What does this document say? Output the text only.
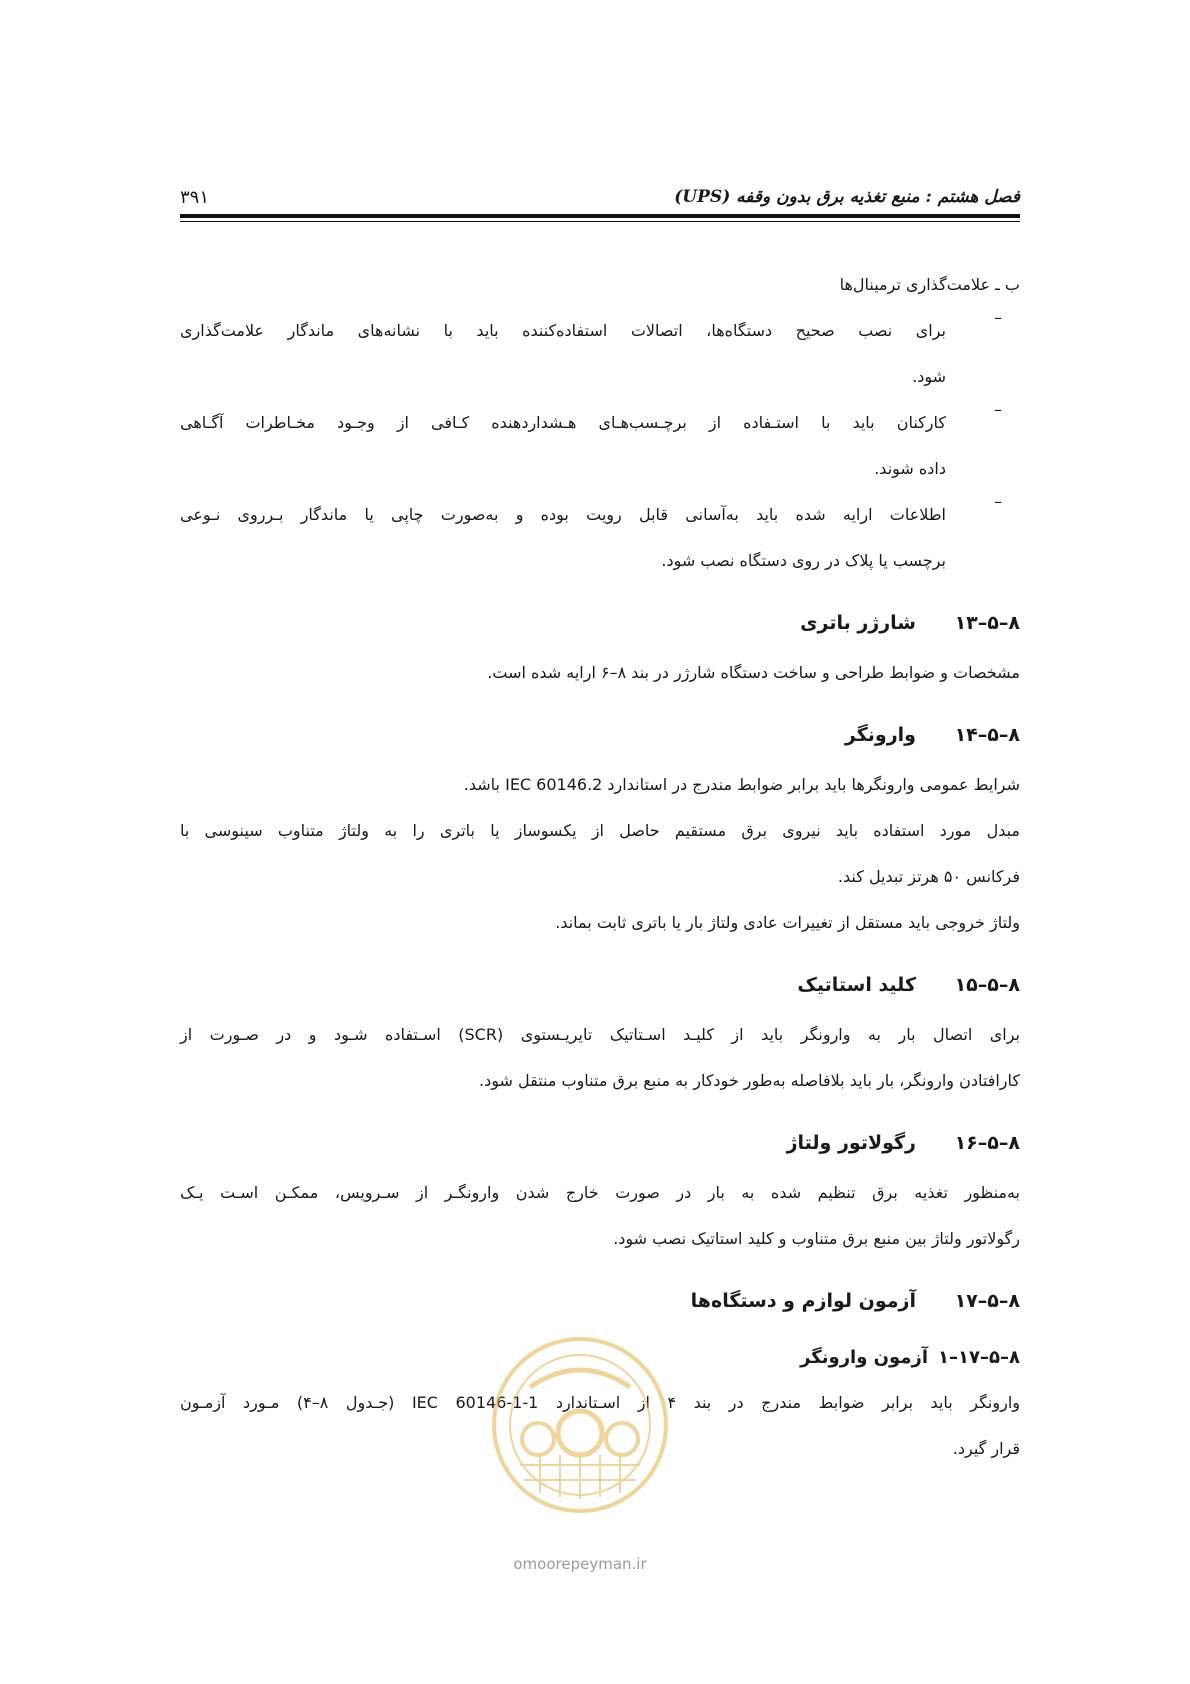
فصل هشتم : منبع تغذیه برق بدون وقفه (UPS)
۳۹۱
ب ـ علامت‌گذاری ترمینال‌ها
–
برای نصب صحیح دستگاه‌ها، اتصالات استفاده‌کننده باید با نشانه‌های ماندگار علامت‌گذاری
شود.
–
کارکنان باید با استـفاده از برچـسب‌هـای هـشداردهنده کـافی از وجـود مخـاطرات آگـاهی
داده شوند.
–
اطلاعات ارایه شده باید به‌آسانی قابل رویت بوده و به‌صورت چاپی یا ماندگار بـرروی نـوعی
برچسب یا پلاک در روی دستگاه نصب شود.
۸–۵–۱۳
شارژر باتری
مشخصات و ضوابط طراحی و ساخت دستگاه شارژر در بند ۸–۶ ارایه شده است.
۸–۵–۱۴
وارونگر
شرایط عمومی وارونگرها باید برابر ضوابط مندرج در استاندارد IEC 60146.2 باشد.
مبدل مورد استفاده باید نیروی برق مستقیم حاصل از یکسوساز یا باتری را به ولتاژ متناوب سینوسی با
فرکانس ۵۰ هرتز تبدیل کند.
ولتاژ خروجی باید مستقل از تغییرات عادی ولتاژ بار یا باتری ثابت بماند.
۸–۵–۱۵
کلید استاتیک
برای اتصال بار به وارونگر باید از کلیـد اسـتاتیک تایریـستوی (SCR) اسـتفاده شـود و در صـورت از
کارافتادن وارونگر، بار باید بلافاصله به‌طور خودکار به منبع برق متناوب منتقل شود.
۸–۵–۱۶
رگولاتور ولتاژ
به‌منظور تغذیه برق تنظیم شده به بار در صورت خارج شدن وارونگـر از سـرویس، ممکـن اسـت یـک
رگولاتور ولتاژ بین منبع برق متناوب و کلید استاتیک نصب شود.
۸–۵–۱۷
آزمون لوازم و دستگاه‌ها
۸–۵–۱۷–۱
آزمون وارونگر
وارونگر باید برابر ضوابط مندرج در بند ۴ از اسـتاندارد IEC 60146-1-1 (جـدول ۸–۴) مـورد آزمـون
قرار گیرد.
omoorepeyman.ir
